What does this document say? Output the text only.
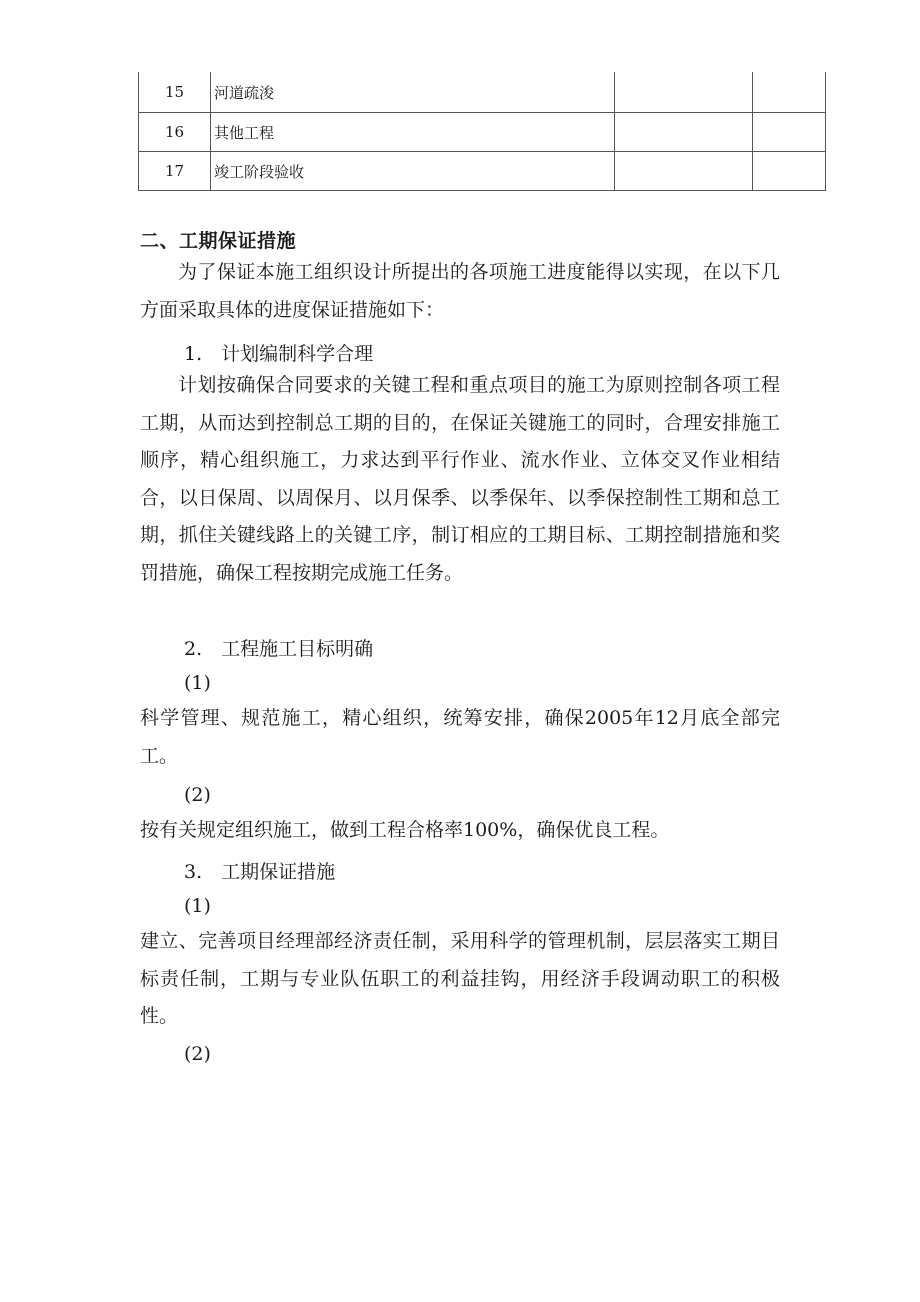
15	河道疏浚		
16	其他工程		
17	竣工阶段验收		
二、工期保证措施

为了保证本施工组织设计所提出的各项施工进度能得以实现，在以下几方面采取具体的进度保证措施如下：

1. 计划编制科学合理

计划按确保合同要求的关键工程和重点项目的施工为原则控制各项工程工期，从而达到控制总工期的目的，在保证关键施工的同时，合理安排施工顺序，精心组织施工，力求达到平行作业、流水作业、立体交叉作业相结合，以日保周、以周保月、以月保季、以季保年、以季保控制性工期和总工期，抓住关键线路上的关键工序，制订相应的工期目标、工期控制措施和奖罚措施，确保工程按期完成施工任务。

2. 工程施工目标明确

(1)

科学管理、规范施工，精心组织，统筹安排，确保2005年12月底全部完工。

(2)

按有关规定组织施工，做到工程合格率100%，确保优良工程。

3. 工期保证措施

(1)

建立、完善项目经理部经济责任制，采用科学的管理机制，层层落实工期目标责任制，工期与专业队伍职工的利益挂钩，用经济手段调动职工的积极性。

(2)
